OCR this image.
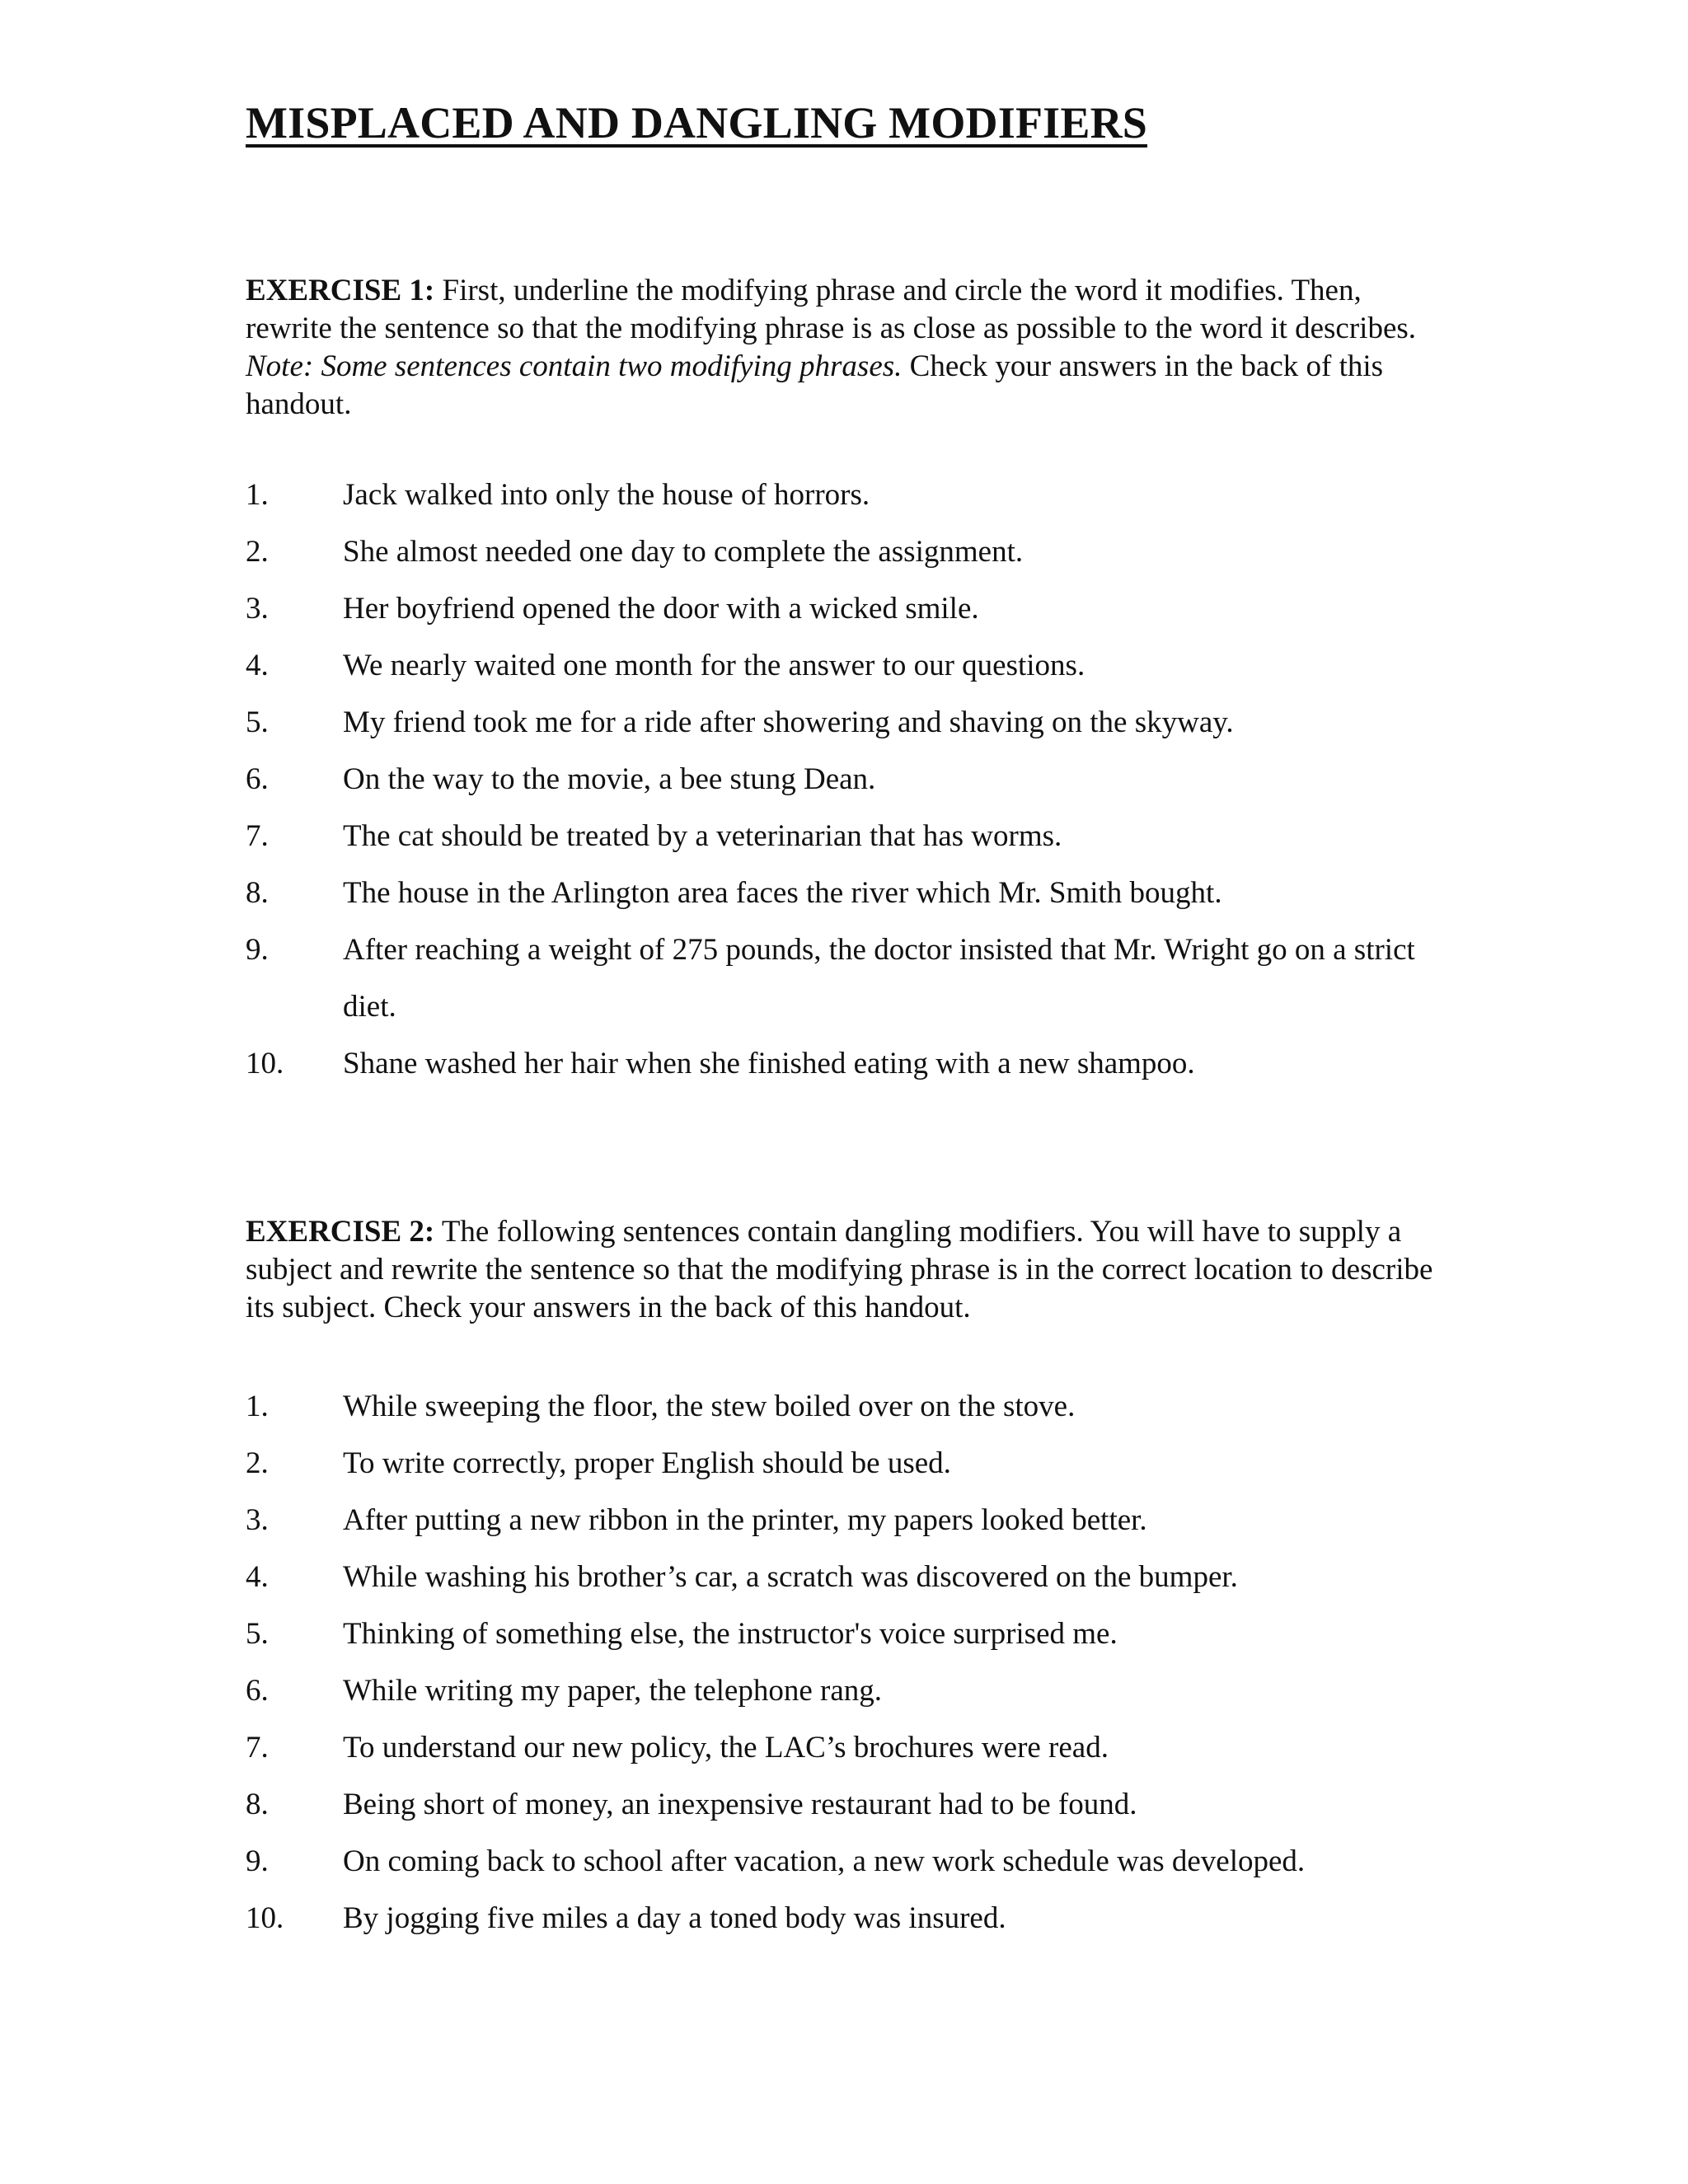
MISPLACED AND DANGLING MODIFIERS

EXERCISE 1: First, underline the modifying phrase and circle the word it modifies. Then, rewrite the sentence so that the modifying phrase is as close as possible to the word it describes. Note: Some sentences contain two modifying phrases. Check your answers in the back of this handout.

1.	Jack walked into only the house of horrors.
2.	She almost needed one day to complete the assignment.
3.	Her boyfriend opened the door with a wicked smile.
4.	We nearly waited one month for the answer to our questions.
5.	My friend took me for a ride after showering and shaving on the skyway.
6.	On the way to the movie, a bee stung Dean.
7.	The cat should be treated by a veterinarian that has worms.
8.	The house in the Arlington area faces the river which Mr. Smith bought.
9.	After reaching a weight of 275 pounds, the doctor insisted that Mr. Wright go on a strict diet.
10.	Shane washed her hair when she finished eating with a new shampoo.

EXERCISE 2: The following sentences contain dangling modifiers. You will have to supply a subject and rewrite the sentence so that the modifying phrase is in the correct location to describe its subject. Check your answers in the back of this handout.

1.	While sweeping the floor, the stew boiled over on the stove.
2.	To write correctly, proper English should be used.
3.	After putting a new ribbon in the printer, my papers looked better.
4.	While washing his brother’s car, a scratch was discovered on the bumper.
5.	Thinking of something else, the instructor's voice surprised me.
6.	While writing my paper, the telephone rang.
7.	To understand our new policy, the LAC’s brochures were read.
8.	Being short of money, an inexpensive restaurant had to be found.
9.	On coming back to school after vacation, a new work schedule was developed.
10.	By jogging five miles a day a toned body was insured.
